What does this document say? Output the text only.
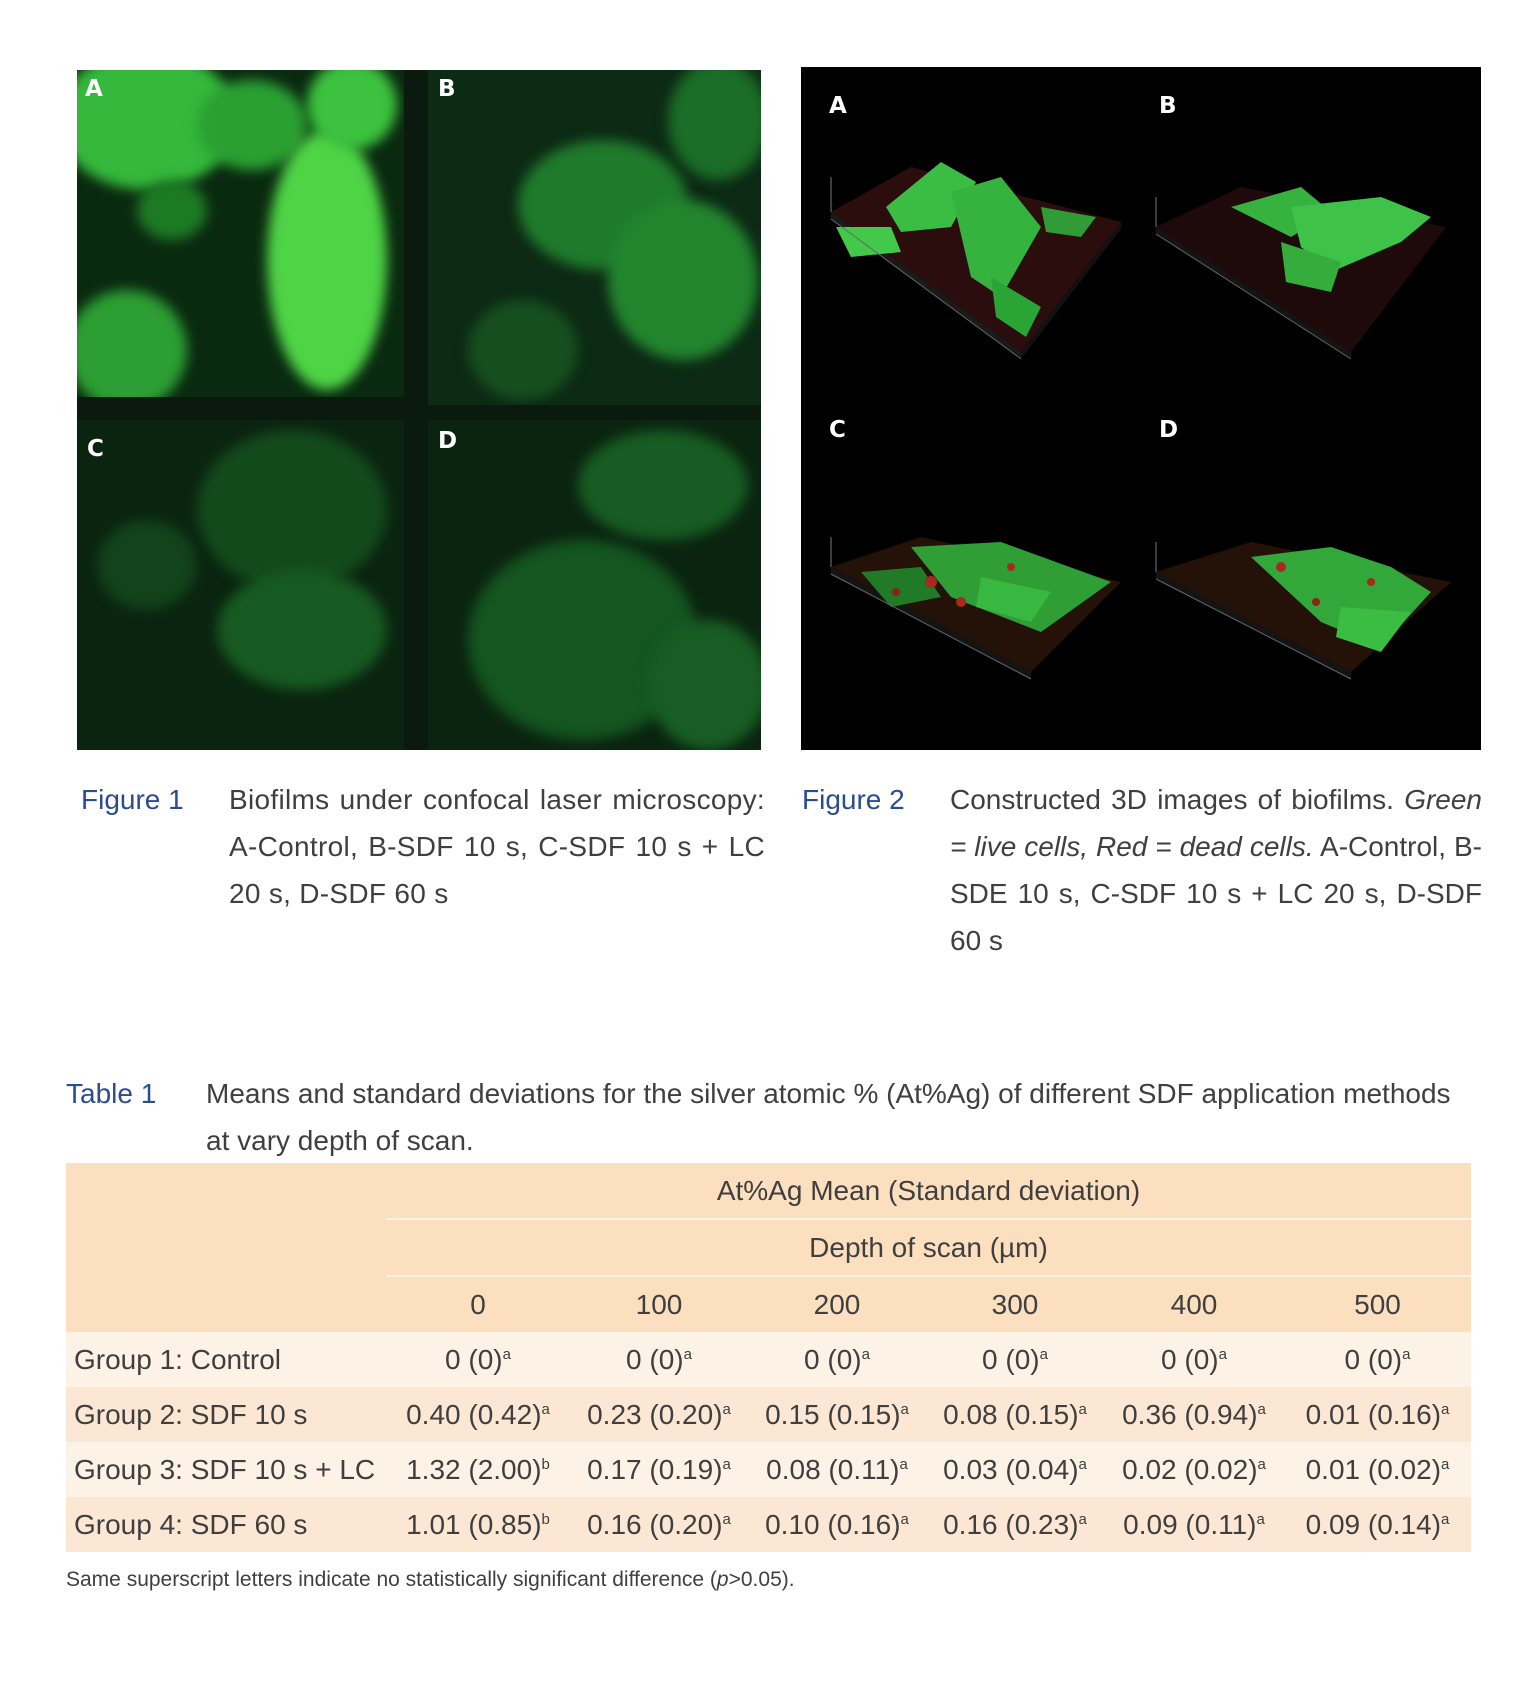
A	B
C	D
A	B
C	D
Figure 1 Biofilms under confocal laser microscopy: A-Control, B-SDF 10 s, C-SDF 10 s + LC 20 s, D-SDF 60 s
Figure 2 Constructed 3D images of biofilms. Green = live cells, Red = dead cells. A-Control, B-SDE 10 s, C-SDF 10 s + LC 20 s, D-SDF 60 s
Table 1 Means and standard deviations for the silver atomic % (At%Ag) of different SDF application methods at vary depth of scan.
	At%Ag Mean (Standard deviation)					
	Depth of scan (µm)					
	0	100	200	300	400	500
Group 1: Control	0 $(0)^a$	0 $(0)^a$	0 $(0)^a$	0 $(0)^a$	0 $(0)^a$	0 $(0)^a$
Group 2: SDF 10 s	0.40 $(0.42)^a$	0.23 $(0.20)^a$	0.15 $(0.15)^a$	0.08 $(0.15)^a$	0.36 $(0.94)^a$	0.01 $(0.16)^a$
Group 3: SDF 10 s + LC	1.32 $(2.00)^b$	0.17 $(0.19)^a$	0.08 $(0.11)^a$	0.03 $(0.04)^a$	0.02 $(0.02)^a$	0.01 $(0.02)^a$
Group 4: SDF 60 s	1.01 $(0.85)^b$	0.16 $(0.20)^a$	0.10 $(0.16)^a$	0.16 $(0.23)^a$	0.09 $(0.11)^a$	0.09 $(0.14)^a$
Same superscript letters indicate no statistically significant difference (p>0.05).
